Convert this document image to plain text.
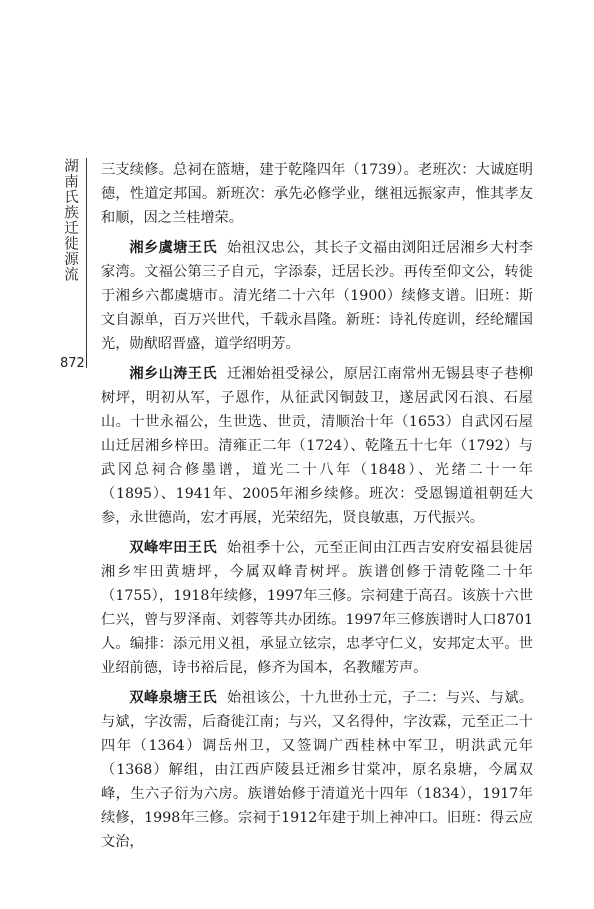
湖南氏族迁徙源流
872

三支续修。总祠在篮塘，建于乾隆四年（1739）。老班次：大诚庭明德，性道定邦国。新班次：承先必修学业，继祖远振家声，惟其孝友和顺，因之兰桂增荣。

湘乡虞塘王氏 始祖汉忠公，其长子文福由浏阳迁居湘乡大村李家湾。文福公第三子自元，字添泰，迁居长沙。再传至仰文公，转徙于湘乡六都虞塘市。清光绪二十六年（1900）续修支谱。旧班：斯文自源单，百万兴世代，千载永昌隆。新班：诗礼传庭训，经纶耀国光，勋猷昭晋盛，道学绍明芳。

湘乡山涛王氏 迁湘始祖受禄公，原居江南常州无锡县枣子巷柳树坪，明初从军，子恩作，从征武冈铜鼓卫，遂居武冈石浪、石屋山。十世永福公，生世选、世贡，清顺治十年（1653）自武冈石屋山迁居湘乡梓田。清雍正二年（1724）、乾隆五十七年（1792）与武冈总祠合修墨谱，道光二十八年（1848）、光绪二十一年（1895）、1941年、2005年湘乡续修。班次：受恩锡道祖朝廷大参，永世德尚，宏才再展，光荣绍先，贤良敏惠，万代振兴。

双峰牢田王氏 始祖季十公，元至正间由江西吉安府安福县徙居湘乡牢田黄塘坪，今属双峰青树坪。族谱创修于清乾隆二十年（1755），1918年续修，1997年三修。宗祠建于高召。该族十六世仁兴，曾与罗泽南、刘蓉等共办团练。1997年三修族谱时人口8701人。编排：添元用义祖，承显立铉宗，忠孝守仁义，安邦定太平。世业绍前德，诗书裕后昆，修齐为国本，名教耀芳声。

双峰泉塘王氏 始祖该公，十九世孙士元，子二：与兴、与斌。与斌，字汝需，后裔徙江南；与兴，又名得仲，字汝霖，元至正二十四年（1364）调岳州卫，又签调广西桂林中军卫，明洪武元年（1368）解组，由江西庐陵县迁湘乡甘棠冲，原名泉塘，今属双峰，生六子衍为六房。族谱始修于清道光十四年（1834），1917年续修，1998年三修。宗祠于1912年建于圳上神冲口。旧班：得云应文治，
